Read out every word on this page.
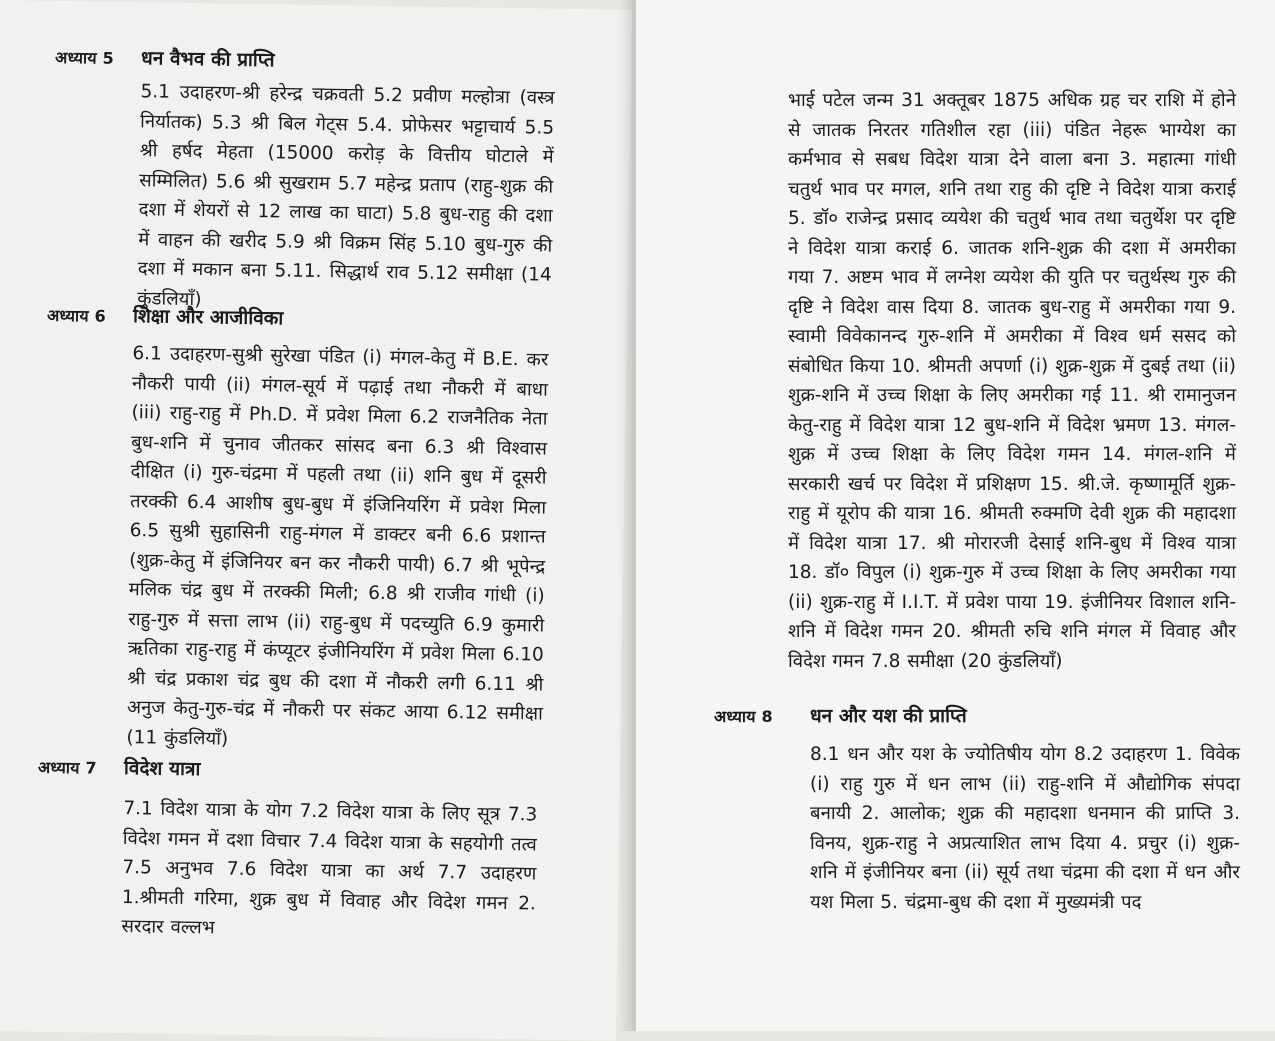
अध्याय 5	धन वैभव की प्राप्ति
5.1 उदाहरण-श्री हरेन्द्र चक्रवती 5.2 प्रवीण मल्होत्रा (वस्त्र निर्यातक) 5.3 श्री बिल गेट्स 5.4. प्रोफेसर भट्टाचार्य 5.5 श्री हर्षद मेहता (15000 करोड़ के वित्तीय घोटाले में सम्मिलित) 5.6 श्री सुखराम 5.7 महेन्द्र प्रताप (राहु-शुक्र की दशा में शेयरों से 12 लाख का घाटा) 5.8 बुध-राहु की दशा में वाहन की खरीद 5.9 श्री विक्रम सिंह 5.10 बुध-गुरु की दशा में मकान बना 5.11. सिद्धार्थ राव 5.12 समीक्षा (14 कुंडलियाँ)
अध्याय 6	शिक्षा और आजीविका
6.1 उदाहरण-सुश्री सुरेखा पंडित (i) मंगल-केतु में B.E. कर नौकरी पायी (ii) मंगल-सूर्य में पढ़ाई तथा नौकरी में बाधा (iii) राहु-राहु में Ph.D. में प्रवेश मिला 6.2 राजनैतिक नेता बुध-शनि में चुनाव जीतकर सांसद बना 6.3 श्री विश्वास दीक्षित (i) गुरु-चंद्रमा में पहली तथा (ii) शनि बुध में दूसरी तरक्की 6.4 आशीष बुध-बुध में इंजिनियरिंग में प्रवेश मिला 6.5 सुश्री सुहासिनी राहु-मंगल में डाक्टर बनी 6.6 प्रशान्त (शुक्र-केतु में इंजिनियर बन कर नौकरी पायी) 6.7 श्री भूपेन्द्र मलिक चंद्र बुध में तरक्की मिली; 6.8 श्री राजीव गांधी (i) राहु-गुरु में सत्ता लाभ (ii) राहु-बुध में पदच्युति 6.9 कुमारी ऋतिका राहु-राहु में कंप्यूटर इंजीनियरिंग में प्रवेश मिला 6.10 श्री चंद्र प्रकाश चंद्र बुध की दशा में नौकरी लगी 6.11 श्री अनुज केतु-गुरु-चंद्र में नौकरी पर संकट आया 6.12 समीक्षा (11 कुंडलियाँ)
अध्याय 7	विदेश यात्रा
7.1 विदेश यात्रा के योग 7.2 विदेश यात्रा के लिए सूत्र 7.3 विदेश गमन में दशा विचार 7.4 विदेश यात्रा के सहयोगी तत्व 7.5 अनुभव 7.6 विदेश यात्रा का अर्थ 7.7 उदाहरण 1.श्रीमती गरिमा, शुक्र बुध में विवाह और विदेश गमन 2. सरदार वल्लभ
भाई पटेल जन्म 31 अक्तूबर 1875 अधिक ग्रह चर राशि में होने से जातक निरतर गतिशील रहा (iii) पंडित नेहरू भाग्येश का कर्मभाव से सबध विदेश यात्रा देने वाला बना 3. महात्मा गांधी चतुर्थ भाव पर मगल, शनि तथा राहु की दृष्टि ने विदेश यात्रा कराई 5. डॉ० राजेन्द्र प्रसाद व्ययेश की चतुर्थ भाव तथा चतुर्थेश पर दृष्टि ने विदेश यात्रा कराई 6. जातक शनि-शुक्र की दशा में अमरीका गया 7. अष्टम भाव में लग्नेश व्ययेश की युति पर चतुर्थस्थ गुरु की दृष्टि ने विदेश वास दिया 8. जातक बुध-राहु में अमरीका गया 9. स्वामी विवेकानन्द गुरु-शनि में अमरीका में विश्व धर्म ससद को संबोधित किया 10. श्रीमती अपर्णा (i) शुक्र-शुक्र में दुबई तथा (ii) शुक्र-शनि में उच्च शिक्षा के लिए अमरीका गई 11. श्री रामानुजन केतु-राहु में विदेश यात्रा 12 बुध-शनि में विदेश भ्रमण 13. मंगल-शुक्र में उच्च शिक्षा के लिए विदेश गमन 14. मंगल-शनि में सरकारी खर्च पर विदेश में प्रशिक्षण 15. श्री.जे. कृष्णामूर्ति शुक्र-राहु में यूरोप की यात्रा 16. श्रीमती रुक्मणि देवी शुक्र की महादशा में विदेश यात्रा 17. श्री मोरारजी देसाई शनि-बुध में विश्व यात्रा 18. डॉ० विपुल (i) शुक्र-गुरु में उच्च शिक्षा के लिए अमरीका गया (ii) शुक्र-राहु में I.I.T. में प्रवेश पाया 19. इंजीनियर विशाल शनि-शनि में विदेश गमन 20. श्रीमती रुचि शनि मंगल में विवाह और विदेश गमन 7.8 समीक्षा (20 कुंडलियाँ)
अध्याय 8	धन और यश की प्राप्ति
8.1 धन और यश के ज्योतिषीय योग 8.2 उदाहरण 1. विवेक (i) राहु गुरु में धन लाभ (ii) राहु-शनि में औद्योगिक संपदा बनायी 2. आलोक; शुक्र की महादशा धनमान की प्राप्ति 3. विनय, शुक्र-राहु ने अप्रत्याशित लाभ दिया 4. प्रचुर (i) शुक्र-शनि में इंजीनियर बना (ii) सूर्य तथा चंद्रमा की दशा में धन और यश मिला 5. चंद्रमा-बुध की दशा में मुख्यमंत्री पद
